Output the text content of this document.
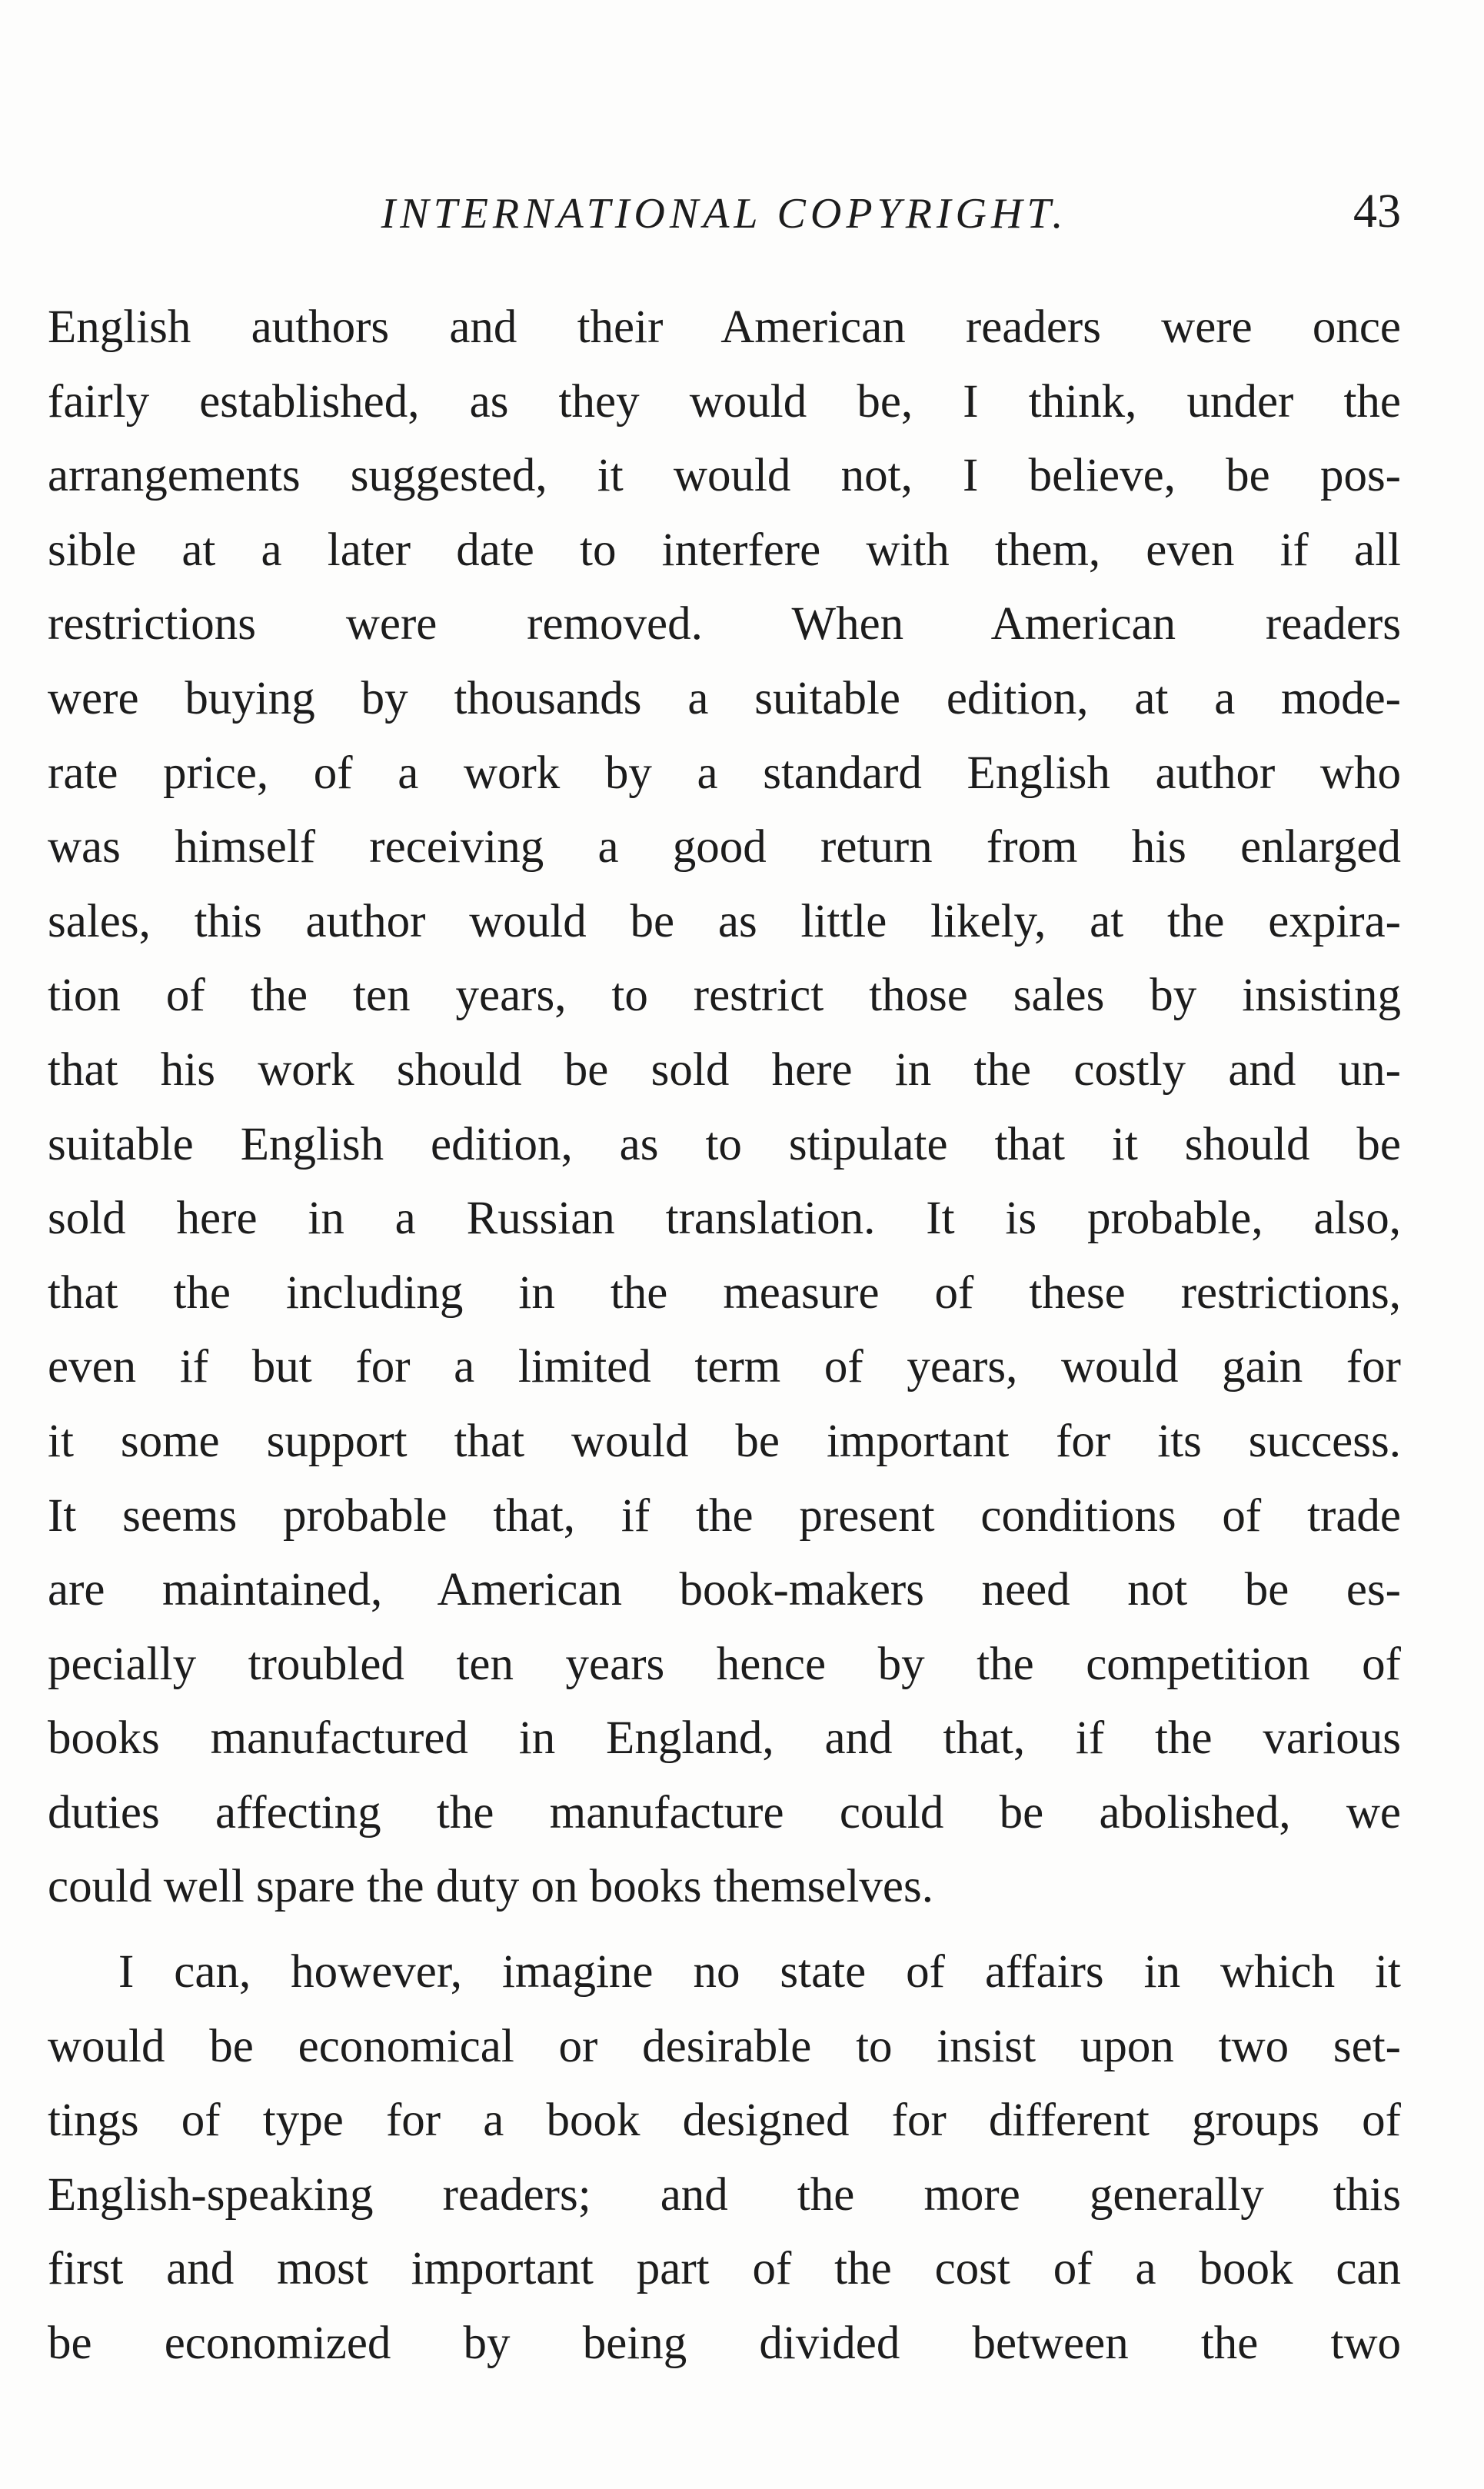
INTERNATIONAL COPYRIGHT.	43
English authors and their American readers were once
fairly established, as they would be, I think, under the
arrangements suggested, it would not, I believe, be pos-
sible at a later date to interfere with them, even if all
restrictions were removed. When American readers
were buying by thousands a suitable edition, at a mode-
rate price, of a work by a standard English author who
was himself receiving a good return from his enlarged
sales, this author would be as little likely, at the expira-
tion of the ten years, to restrict those sales by insisting
that his work should be sold here in the costly and un-
suitable English edition, as to stipulate that it should be
sold here in a Russian translation. It is probable, also,
that the including in the measure of these restrictions,
even if but for a limited term of years, would gain for
it some support that would be important for its success.
It seems probable that, if the present conditions of trade
are maintained, American book-makers need not be es-
pecially troubled ten years hence by the competition of
books manufactured in England, and that, if the various
duties affecting the manufacture could be abolished, we
could well spare the duty on books themselves.
I can, however, imagine no state of affairs in which it
would be economical or desirable to insist upon two set-
tings of type for a book designed for different groups of
English-speaking readers; and the more generally this
first and most important part of the cost of a book can
be economized by being divided between the two
